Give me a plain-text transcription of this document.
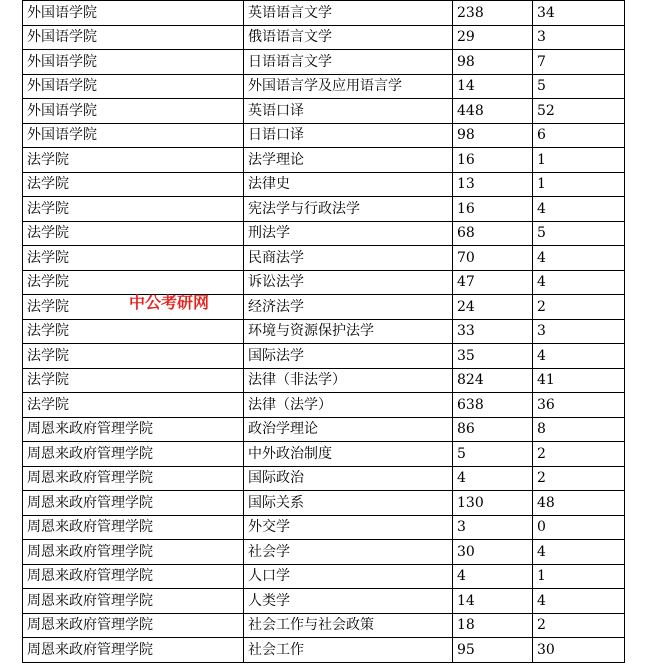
外国语学院	英语语言文学	238	34
外国语学院	俄语语言文学	29	3
外国语学院	日语语言文学	98	7
外国语学院	外国语言学及应用语言学	14	5
外国语学院	英语口译	448	52
外国语学院	日语口译	98	6
法学院	法学理论	16	1
法学院	法律史	13	1
法学院	宪法学与行政法学	16	4
法学院	刑法学	68	5
法学院	民商法学	70	4
法学院	诉讼法学	47	4
法学院	经济法学	24	2
法学院	环境与资源保护法学	33	3
法学院	国际法学	35	4
法学院	法律（非法学）	824	41
法学院	法律（法学）	638	36
周恩来政府管理学院	政治学理论	86	8
周恩来政府管理学院	中外政治制度	5	2
周恩来政府管理学院	国际政治	4	2
周恩来政府管理学院	国际关系	130	48
周恩来政府管理学院	外交学	3	0
周恩来政府管理学院	社会学	30	4
周恩来政府管理学院	人口学	4	1
周恩来政府管理学院	人类学	14	4
周恩来政府管理学院	社会工作与社会政策	18	2
周恩来政府管理学院	社会工作	95	30
中公考研网
